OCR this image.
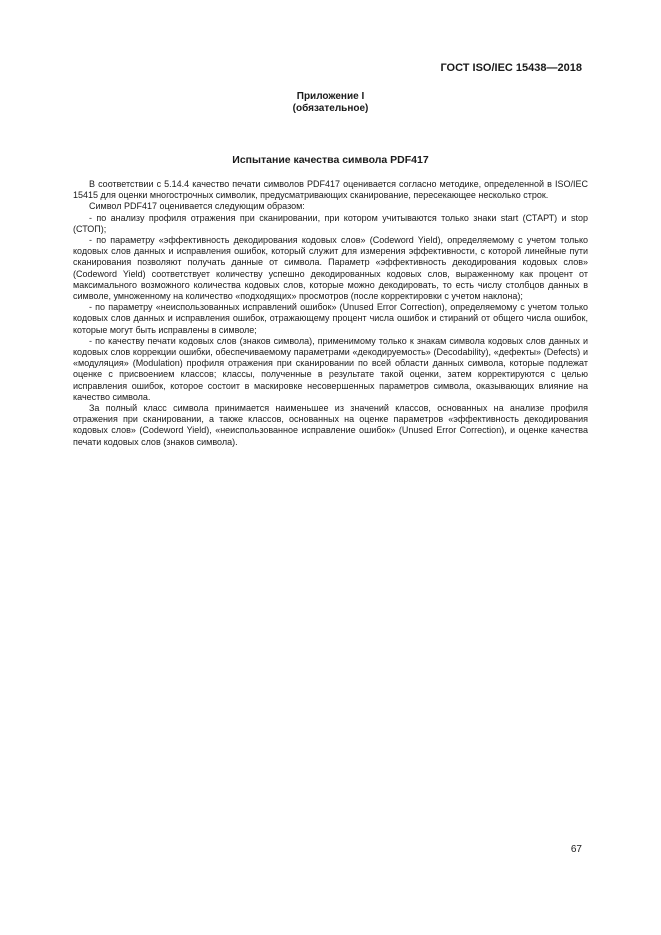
ГОСТ ISO/IEC 15438—2018
Приложение I
(обязательное)
Испытание качества символа PDF417

В соответствии с 5.14.4 качество печати символов PDF417 оценивается согласно методике, определенной в ISO/IEC 15415 для оценки многострочных символик, предусматривающих сканирование, пересекающее несколько строк.

Символ PDF417 оценивается следующим образом:

- по анализу профиля отражения при сканировании, при котором учитываются только знаки start (СТАРТ) и stop (СТОП);

- по параметру «эффективность декодирования кодовых слов» (Codeword Yield), определяемому с учетом только кодовых слов данных и исправления ошибок, который служит для измерения эффективности, с которой линейные пути сканирования позволяют получать данные от символа. Параметр «эффективность декодирования кодовых слов» (Codeword Yield) соответствует количеству успешно декодированных кодовых слов, выраженному как процент от максимального возможного количества кодовых слов, которые можно декодировать, то есть числу столбцов данных в символе, умноженному на количество «подходящих» просмотров (после корректировки с учетом наклона);

- по параметру «неиспользованных исправлений ошибок» (Unused Error Correction), определяемому с учетом только кодовых слов данных и исправления ошибок, отражающему процент числа ошибок и стираний от общего числа ошибок, которые могут быть исправлены в символе;

- по качеству печати кодовых слов (знаков символа), применимому только к знакам символа кодовых слов данных и кодовых слов коррекции ошибки, обеспечиваемому параметрами «декодируемость» (Decodability), «дефекты» (Defects) и «модуляция» (Modulation) профиля отражения при сканировании по всей области данных символа, которые подлежат оценке с присвоением классов; классы, полученные в результате такой оценки, затем корректируются с целью исправления ошибок, которое состоит в маскировке несовершенных параметров символа, оказывающих влияние на качество символа.

За полный класс символа принимается наименьшее из значений классов, основанных на анализе профиля отражения при сканировании, а также классов, основанных на оценке параметров «эффективность декодирования кодовых слов» (Codeword Yield), «неиспользованное исправление ошибок» (Unused Error Correction), и оценке качества печати кодовых слов (знаков символа).

67
